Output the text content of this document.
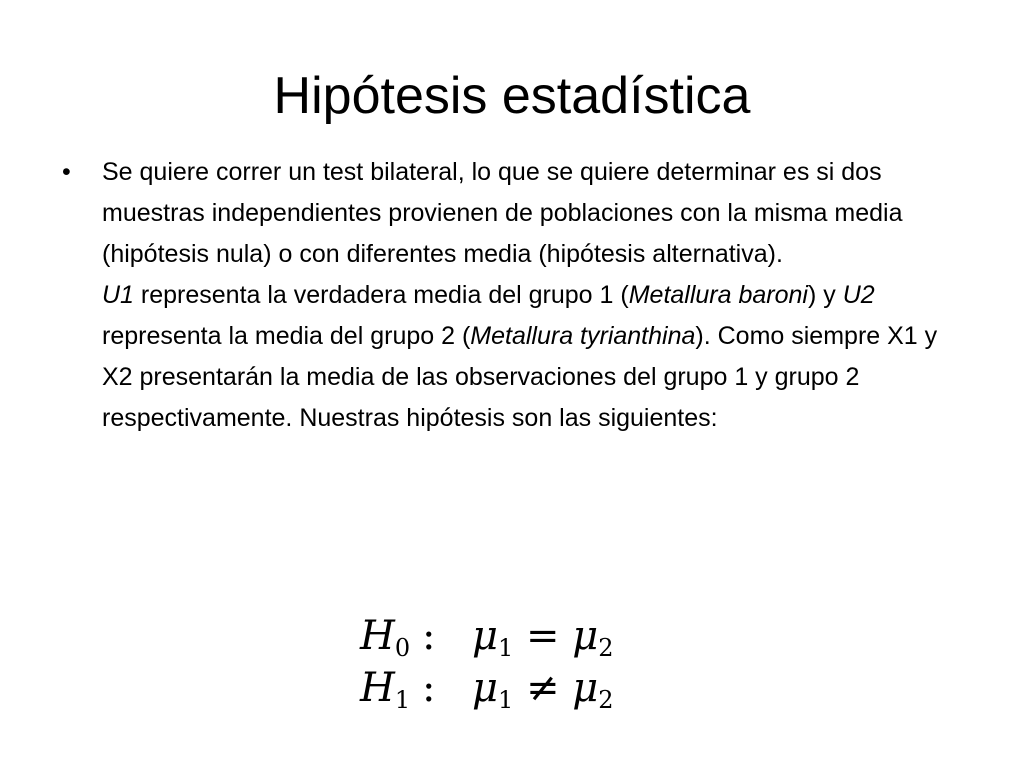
Hipótesis estadística
• Se quiere correr un test bilateral, lo que se quiere determinar es si dos muestras independientes provienen de poblaciones con la misma media (hipótesis nula) o con diferentes media (hipótesis alternativa).
U1 representa la verdadera media del grupo 1 (Metallura baroni) y U2 representa la media del grupo 2 (Metallura tyrianthina). Como siempre X1 y X2 presentarán la media de las observaciones del grupo 1 y grupo 2 respectivamente. Nuestras hipótesis son las siguientes:
$H_0$ : $\mu_1 = \mu_2$
$H_1$ : $\mu_1 \ne \mu_2$
